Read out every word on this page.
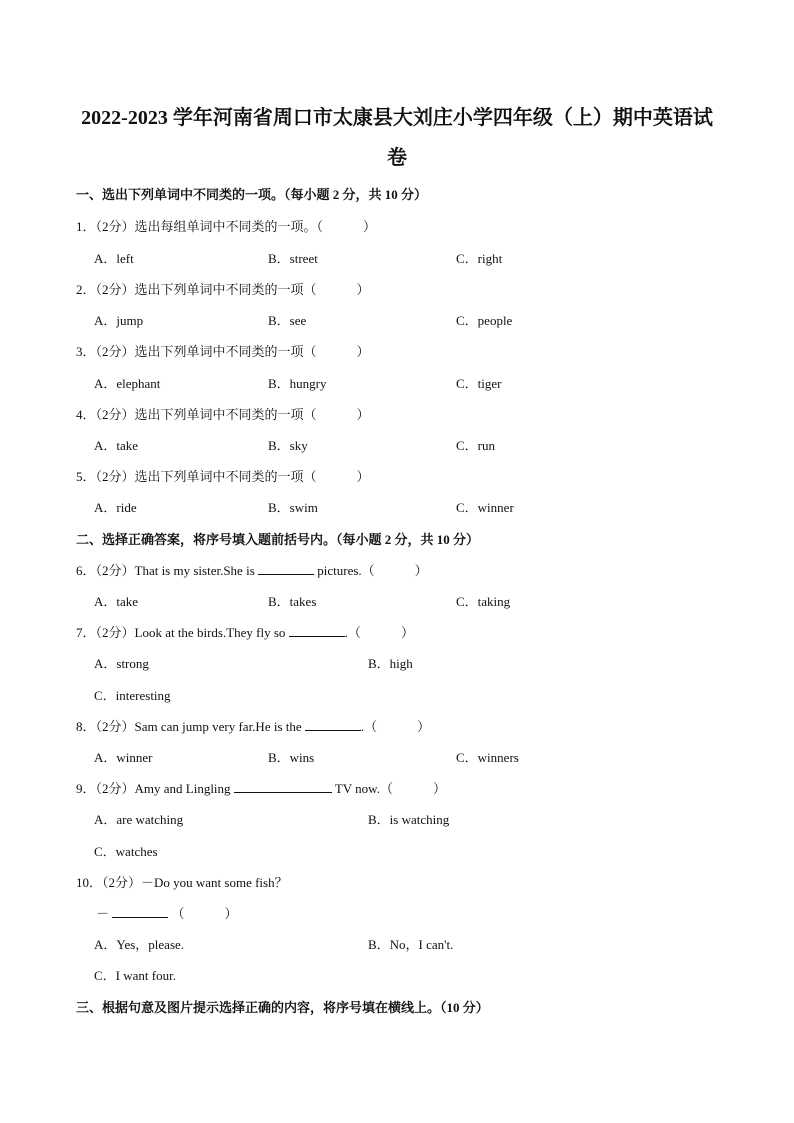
2022-2023 学年河南省周口市太康县大刘庄小学四年级（上）期中英语试
卷
一、选出下列单词中不同类的一项。（每小题 2 分，共 10 分）
1．（2分）选出每组单词中不同类的一项。（	）
A．left	B．street	C．right
2．（2分）选出下列单词中不同类的一项（	）
A．jump	B．see	C．people
3．（2分）选出下列单词中不同类的一项（	）
A．elephant	B．hungry	C．tiger
4．（2分）选出下列单词中不同类的一项（	）
A．take	B．sky	C．run
5．（2分）选出下列单词中不同类的一项（	）
A．ride	B．swim	C．winner
二、选择正确答案，将序号填入题前括号内。（每小题 2 分，共 10 分）
6．（2分）That is my sister.She is	pictures.（	）
A．take	B．takes	C．taking
7．（2分）Look at the birds.They fly so	.（	）
A．strong	B．high
C．interesting
8．（2分）Sam can jump very far.He is the	.（	）
A．winner	B．wins	C．winners
9．（2分）Amy and Lingling	TV now.（	）
A．are watching	B．is watching
C．watches
10．（2分）－Do you want some fish？
－	（	）
A．Yes，please.	B．No，I can't.
C．I want four.
三、根据句意及图片提示选择正确的内容，将序号填在横线上。（10 分）
